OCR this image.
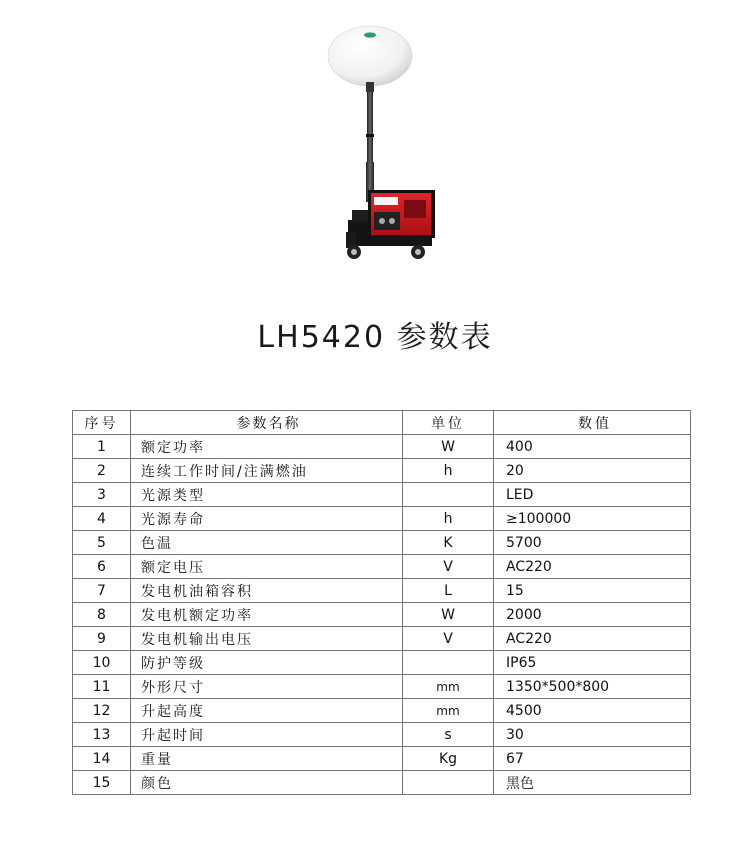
LH5420 参数表
序号	参数名称	单位	数值
1	额定功率	W	400
2	连续工作时间/注满燃油	h	20
3	光源类型		LED
4	光源寿命	h	≥100000
5	色温	K	5700
6	额定电压	V	AC220
7	发电机油箱容积	L	15
8	发电机额定功率	W	2000
9	发电机输出电压	V	AC220
10	防护等级		IP65
11	外形尺寸	mm	1350*500*800
12	升起高度	mm	4500
13	升起时间	s	30
14	重量	Kg	67
15	颜色		黑色
